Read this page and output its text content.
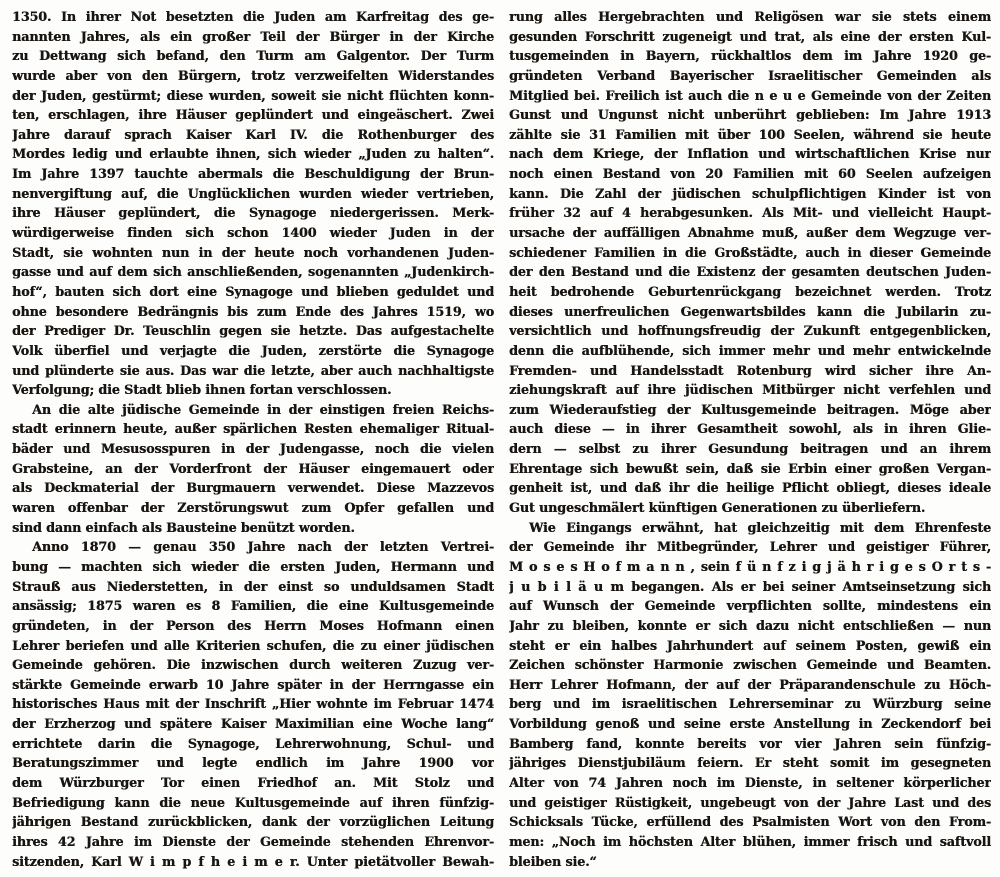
1350. In ihrer Not besetzten die Juden am Karfreitag des ge-
nannten Jahres, als ein großer Teil der Bürger in der Kirche
zu Dettwang sich befand, den Turm am Galgentor. Der Turm
wurde aber von den Bürgern, trotz verzweifelten Widerstandes
der Juden, gestürmt; diese wurden, soweit sie nicht flüchten konn-
ten, erschlagen, ihre Häuser geplündert und eingeäschert. Zwei
Jahre darauf sprach Kaiser Karl IV. die Rothenburger des
Mordes ledig und erlaubte ihnen, sich wieder „Juden zu halten“.
Im Jahre 1397 tauchte abermals die Beschuldigung der Brun-
nenvergiftung auf, die Unglücklichen wurden wieder vertrieben,
ihre Häuser geplündert, die Synagoge niedergerissen. Merk-
würdigerweise finden sich schon 1400 wieder Juden in der
Stadt, sie wohnten nun in der heute noch vorhandenen Juden-
gasse und auf dem sich anschließenden, sogenannten „Judenkirch-
hof“, bauten sich dort eine Synagoge und blieben geduldet und
ohne besondere Bedrängnis bis zum Ende des Jahres 1519, wo
der Prediger Dr. Teuschlin gegen sie hetzte. Das aufgestachelte
Volk überfiel und verjagte die Juden, zerstörte die Synagoge
und plünderte sie aus. Das war die letzte, aber auch nachhaltigste
Verfolgung; die Stadt blieb ihnen fortan verschlossen.
An die alte jüdische Gemeinde in der einstigen freien Reichs-
stadt erinnern heute, außer spärlichen Resten ehemaliger Ritual-
bäder und Mesusosspuren in der Judengasse, noch die vielen
Grabsteine, an der Vorderfront der Häuser eingemauert oder
als Deckmaterial der Burgmauern verwendet. Diese Mazzevos
waren offenbar der Zerstörungswut zum Opfer gefallen und
sind dann einfach als Bausteine benützt worden.
Anno 1870 — genau 350 Jahre nach der letzten Vertrei-
bung — machten sich wieder die ersten Juden, Hermann und
Strauß aus Niederstetten, in der einst so unduldsamen Stadt
ansässig; 1875 waren es 8 Familien, die eine Kultusgemeinde
gründeten, in der Person des Herrn Moses Hofmann einen
Lehrer beriefen und alle Kriterien schufen, die zu einer jüdischen
Gemeinde gehören. Die inzwischen durch weiteren Zuzug ver-
stärkte Gemeinde erwarb 10 Jahre später in der Herrngasse ein
historisches Haus mit der Inschrift „Hier wohnte im Februar 1474
der Erzherzog und spätere Kaiser Maximilian eine Woche lang“
errichtete darin die Synagoge, Lehrerwohnung, Schul- und
Beratungszimmer und legte endlich im Jahre 1900 vor
dem Würzburger Tor einen Friedhof an. Mit Stolz und
Befriedigung kann die neue Kultusgemeinde auf ihren fünfzig-
jährigen Bestand zurückblicken, dank der vorzüglichen Leitung
ihres 42 Jahre im Dienste der Gemeinde stehenden Ehrenvor-
sitzenden, Karl W i m p f h e i m e r. Unter pietätvoller Bewah-
rung alles Hergebrachten und Religösen war sie stets einem
gesunden Forschritt zugeneigt und trat, als eine der ersten Kul-
tusgemeinden in Bayern, rückhaltlos dem im Jahre 1920 ge-
gründeten Verband Bayerischer Israelitischer Gemeinden als
Mitglied bei. Freilich ist auch die n e u e Gemeinde von der Zeiten
Gunst und Ungunst nicht unberührt geblieben: Im Jahre 1913
zählte sie 31 Familien mit über 100 Seelen, während sie heute
nach dem Kriege, der Inflation und wirtschaftlichen Krise nur
noch einen Bestand von 20 Familien mit 60 Seelen aufzeigen
kann. Die Zahl der jüdischen schulpflichtigen Kinder ist von
früher 32 auf 4 herabgesunken. Als Mit- und vielleicht Haupt-
ursache der auffälligen Abnahme muß, außer dem Wegzuge ver-
schiedener Familien in die Großstädte, auch in dieser Gemeinde
der den Bestand und die Existenz der gesamten deutschen Juden-
heit bedrohende Geburtenrückgang bezeichnet werden. Trotz
dieses unerfreulichen Gegenwartsbildes kann die Jubilarin zu-
versichtlich und hoffnungsfreudig der Zukunft entgegenblicken,
denn die aufblühende, sich immer mehr und mehr entwickelnde
Fremden- und Handelsstadt Rotenburg wird sicher ihre An-
ziehungskraft auf ihre jüdischen Mitbürger nicht verfehlen und
zum Wiederaufstieg der Kultusgemeinde beitragen. Möge aber
auch diese — in ihrer Gesamtheit sowohl, als in ihren Glie-
dern — selbst zu ihrer Gesundung beitragen und an ihrem
Ehrentage sich bewußt sein, daß sie Erbin einer großen Vergan-
genheit ist, und daß ihr die heilige Pflicht obliegt, dieses ideale
Gut ungeschmälert künftigen Generationen zu überliefern.
Wie Eingangs erwähnt, hat gleichzeitig mit dem Ehrenfeste
der Gemeinde ihr Mitbegründer, Lehrer und geistiger Führer,
M o s e s H o f m a n n , sein f ü n f z i g j ä h r i g e s O r t s -
j u b i l ä u m begangen. Als er bei seiner Amtseinsetzung sich
auf Wunsch der Gemeinde verpflichten sollte, mindestens ein
Jahr zu bleiben, konnte er sich dazu nicht entschließen — nun
steht er ein halbes Jahrhundert auf seinem Posten, gewiß ein
Zeichen schönster Harmonie zwischen Gemeinde und Beamten.
Herr Lehrer Hofmann, der auf der Präparandenschule zu Höch-
berg und im israelitischen Lehrerseminar zu Würzburg seine
Vorbildung genoß und seine erste Anstellung in Zeckendorf bei
Bamberg fand, konnte bereits vor vier Jahren sein fünfzig-
jähriges Dienstjubiläum feiern. Er steht somit im gesegneten
Alter von 74 Jahren noch im Dienste, in seltener körperlicher
und geistiger Rüstigkeit, ungebeugt von der Jahre Last und des
Schicksals Tücke, erfüllend des Psalmisten Wort von den From-
men: „Noch im höchsten Alter blühen, immer frisch und saftvoll
bleiben sie.“
